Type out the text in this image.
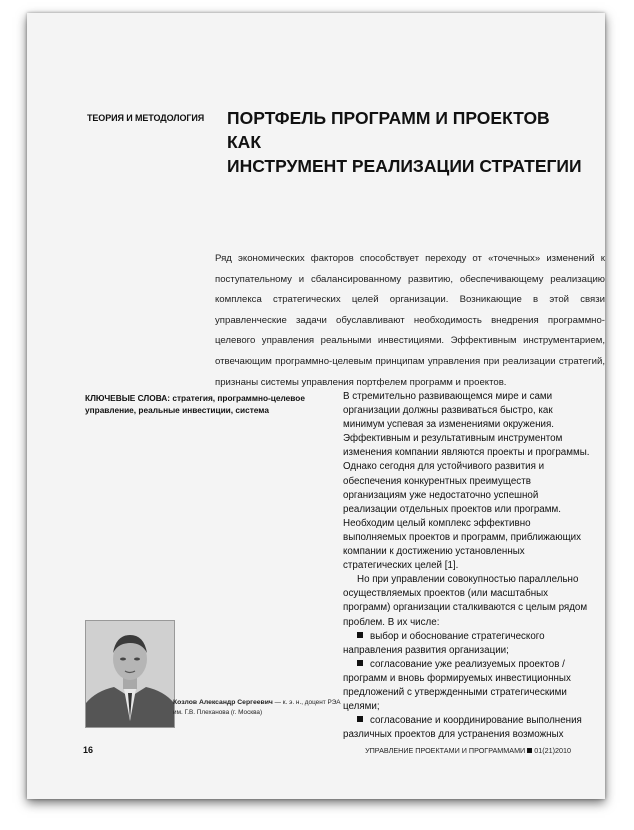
ТЕОРИЯ И МЕТОДОЛОГИЯ ПОРТФЕЛЬ ПРОГРАММ И ПРОЕКТОВ КАК
ИНСТРУМЕНТ РЕАЛИЗАЦИИ СТРАТЕГИИ

Ряд экономических факторов способствует переходу от «точечных» изменений к поступательному и сбалансированному развитию, обеспечивающему реализацию комплекса стратегических целей организации. Возникающие в этой связи управленческие задачи обуславливают необходимость внедрения программно-целевого управления реальными инвестициями. Эффективным инструментарием, отвечающим программно-целевым принципам управления при реализации стратегий, признаны системы управления портфелем программ и проектов.

КЛЮЧЕВЫЕ СЛОВА: стратегия, программно-целевое управление, реальные инвестиции, система

В стремительно развивающемся мире и сами организации должны развиваться быстро, как минимум успевая за изменениями окружения. Эффективным и результативным инструментом изменения компании являются проекты и программы. Однако сегодня для устойчивого развития и обеспечения конкурентных преимуществ организациям уже недостаточно успешной реализации отдельных проектов или программ. Необходим целый комплекс эффективно выполняемых проектов и программ, приближающих компании к достижению установленных стратегических целей [1].

Но при управлении совокупностью параллельно осуществляемых проектов (или масштабных программ) организации сталкиваются с целым рядом проблем. В их числе:

выбор и обоснование стратегического направления развития организации;
согласование уже реализуемых проектов / программ и вновь формируемых инвестиционных предложений с утвержденными стратегическими целями;
согласование и координирование выполнения различных проектов для устранения возможных
Козлов Александр Сергеевич — к. э. н., доцент РЭА им. Г.В. Плеханова (г. Москва)
16	УПРАВЛЕНИЕ ПРОЕКТАМИ И ПРОГРАММАМИ 01(21)2010
